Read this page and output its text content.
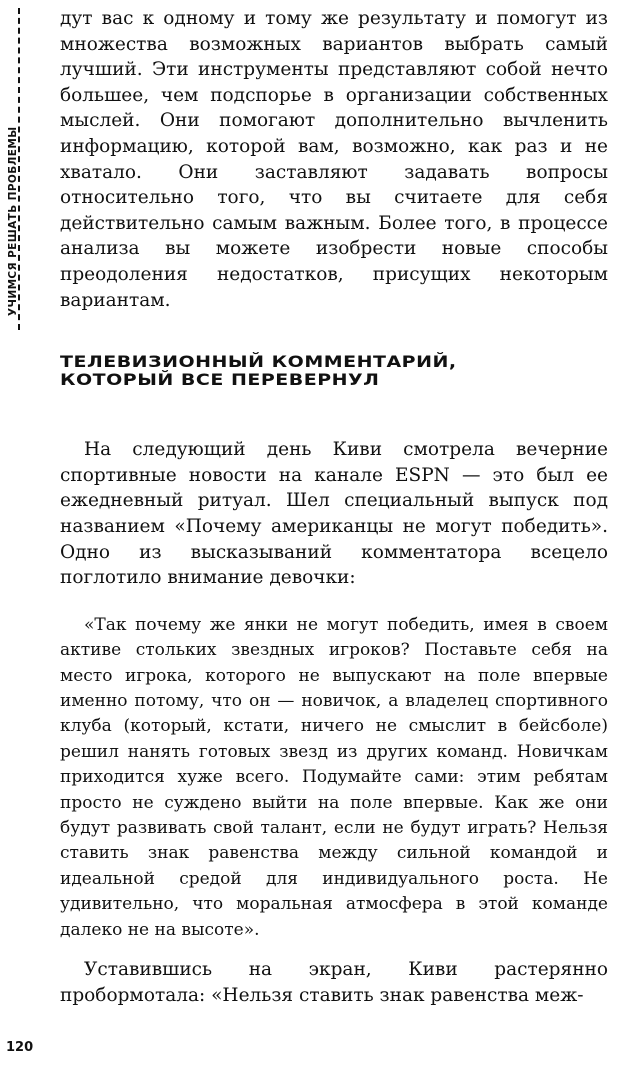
УЧИМСЯ РЕШАТЬ ПРОБЛЕМЫ

дут вас к одному и тому же результату и помогут из множества возможных вариантов выбрать самый лучший. Эти инструменты представляют собой нечто большее, чем подспорье в организации собственных мыслей. Они помогают дополнительно вычленить информацию, которой вам, возможно, как раз и не хватало. Они заставляют задавать вопросы относительно того, что вы считаете для себя действительно самым важным. Более того, в процессе анализа вы можете изобрести новые способы преодоления недостатков, присущих некоторым вариантам.

ТЕЛЕВИЗИОННЫЙ КОММЕНТАРИЙ,
КОТОРЫЙ ВСЕ ПЕРЕВЕРНУЛ

На следующий день Киви смотрела вечерние спортивные новости на канале ESPN — это был ее ежедневный ритуал. Шел специальный выпуск под названием «Почему американцы не могут победить». Одно из высказываний комментатора всецело поглотило внимание девочки:

«Так почему же янки не могут победить, имея в своем активе стольких звездных игроков? Поставьте себя на место игрока, которого не выпускают на поле впервые именно потому, что он — новичок, а владелец спортивного клуба (который, кстати, ничего не смыслит в бейсболе) решил нанять готовых звезд из других команд. Новичкам приходится хуже всего. Подумайте сами: этим ребятам просто не суждено выйти на поле впервые. Как же они будут развивать свой талант, если не будут играть? Нельзя ставить знак равенства между сильной командой и идеальной средой для индивидуального роста. Не удивительно, что моральная атмосфера в этой команде далеко не на высоте».

Уставившись на экран, Киви растерянно пробормотала: «Нельзя ставить знак равенства меж-

120
